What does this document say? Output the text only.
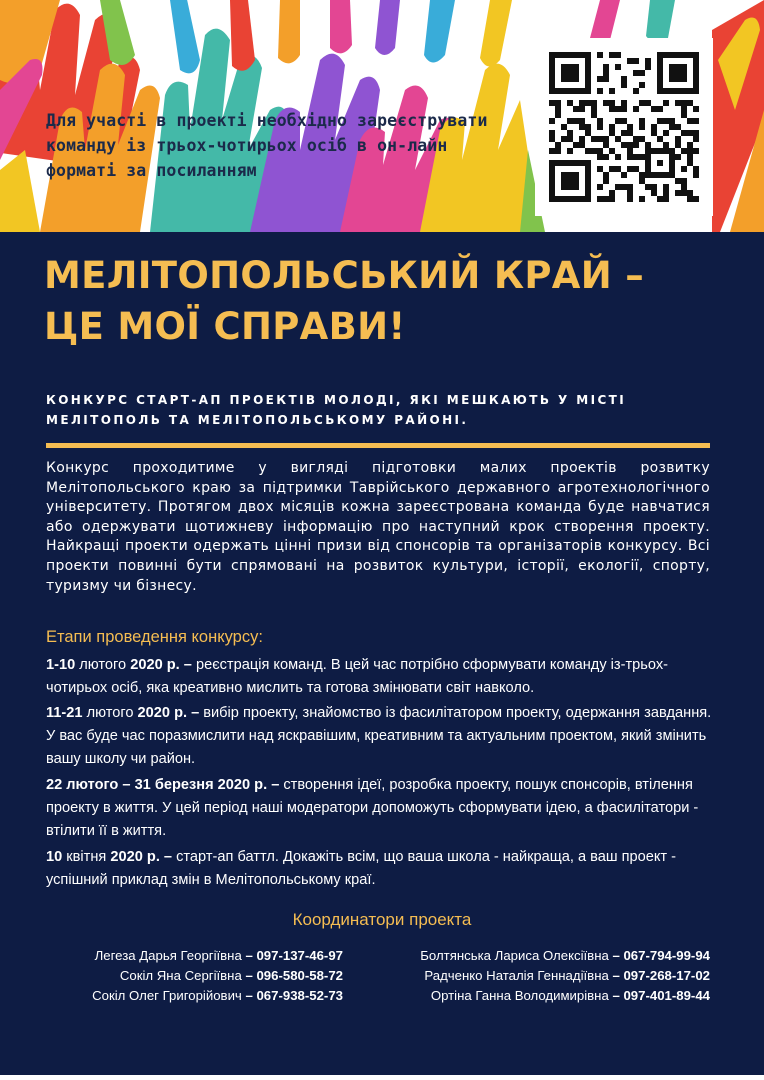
Для участі в проекті необхідно зареєструвати команду із трьох-чотирьох осіб в он-лайн форматі за посиланням

МЕЛІТОПОЛЬСЬКИЙ КРАЙ –
ЦЕ МОЇ СПРАВИ!

КОНКУРС СТАРТ-АП ПРОЕКТІВ МОЛОДІ, ЯКІ МЕШКАЮТЬ У МІСТІ
МЕЛІТОПОЛЬ ТА МЕЛІТОПОЛЬСЬКОМУ РАЙОНІ.

Конкурс проходитиме у вигляді підготовки малих проектів розвитку Мелітопольського краю за підтримки Таврійського державного агротехнологічного університету. Протягом двох місяців кожна зареєстрована команда буде навчатися або одержувати щотижневу інформацію про наступний крок створення проекту. Найкращі проекти одержать цінні призи від спонсорів та організаторів конкурсу. Всі проекти повинні бути спрямовані на розвиток культури, історії, екології, спорту, туризму чи бізнесу.

Етапи проведення конкурсу:

1-10 лютого 2020 р. – реєстрація команд. В цей час потрібно сформувати команду із-трьох-чотирьох осіб, яка креативно мислить та готова змінювати світ навколо.

11-21 лютого 2020 р. – вибір проекту, знайомство із фасилітатором проекту, одержання завдання. У вас буде час поразмислити над яскравішим, креативним та актуальним проектом, який змінить вашу школу чи район.

22 лютого – 31 березня 2020 р. – створення ідеї, розробка проекту, пошук спонсорів, втілення проекту в життя. У цей період наші модератори допоможуть сформувати ідею, а фасилітатори - втілити її в життя.

10 квітня 2020 р. – старт-ап баттл. Докажіть всім, що ваша школа - найкраща, а ваш проект - успішний приклад змін в Мелітопольському краї.

Координатори проекта

Легеза Дарья Георгіївна – 097-137-46-97
Сокіл Яна Сергіївна – 096-580-58-72
Сокіл Олег Григорійович – 067-938-52-73
Болтянська Лариса Олексіївна – 067-794-99-94
Радченко Наталія Геннадіївна – 097-268-17-02
Ортіна Ганна Володимирівна – 097-401-89-44
